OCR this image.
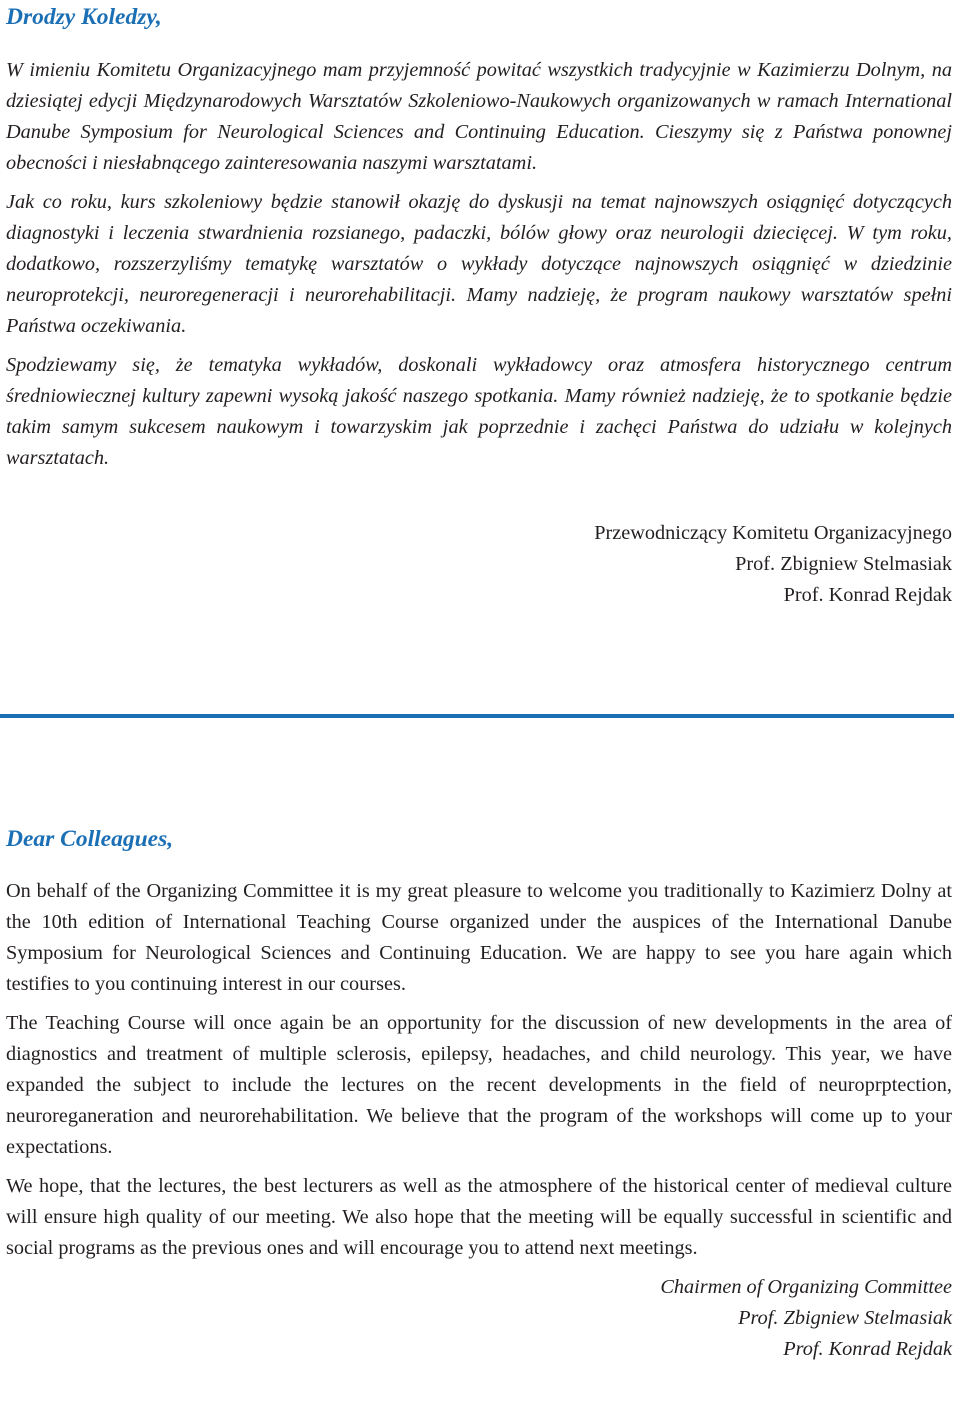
Drodzy Koledzy,

W imieniu Komitetu Organizacyjnego mam przyjemność powitać wszystkich tradycyjnie w Kazimierzu Dolnym, na dziesiątej edycji Międzynarodowych Warsztatów Szkoleniowo-Naukowych organizowanych w ramach International Danube Symposium for Neurological Sciences and Continuing Education. Cieszymy się z Państwa ponownej obecności i niesłabnącego zainteresowania naszymi warsztatami.

Jak co roku, kurs szkoleniowy będzie stanowił okazję do dyskusji na temat najnowszych osiągnięć dotyczących diagnostyki i leczenia stwardnienia rozsianego, padaczki, bólów głowy oraz neurologii dziecięcej. W tym roku, dodatkowo, rozszerzyliśmy tematykę warsztatów o wykłady dotyczące najnowszych osiągnięć w dziedzinie neuroprotekcji, neuroregeneracji i neurorehabilitacji. Mamy nadzieję, że program naukowy warsztatów spełni Państwa oczekiwania.

Spodziewamy się, że tematyka wykładów, doskonali wykładowcy oraz atmosfera historycznego centrum średniowiecznej kultury zapewni wysoką jakość naszego spotkania. Mamy również nadzieję, że to spotkanie będzie takim samym sukcesem naukowym i towarzyskim jak poprzednie i zachęci Państwa do udziału w kolejnych warsztatach.

Przewodniczący Komitetu Organizacyjnego

Prof. Zbigniew Stelmasiak

Prof. Konrad Rejdak

Dear Colleagues,

On behalf of the Organizing Committee it is my great pleasure to welcome you traditionally to Kazimierz Dolny at the 10th edition of International Teaching Course organized under the auspices of the International Danube Symposium for Neurological Sciences and Continuing Education. We are happy to see you hare again which testifies to you continuing interest in our courses.

The Teaching Course will once again be an opportunity for the discussion of new developments in the area of diagnostics and treatment of multiple sclerosis, epilepsy, headaches, and child neurology. This year, we have expanded the subject to include the lectures on the recent developments in the field of neuroprptection, neuroreganeration and neurorehabilitation. We believe that the program of the workshops will come up to your expectations.

We hope, that the lectures, the best lecturers as well as the atmosphere of the historical center of medieval culture will ensure high quality of our meeting. We also hope that the meeting will be equally successful in scientific and social programs as the previous ones and will encourage you to attend next meetings.

Chairmen of Organizing Committee

Prof. Zbigniew Stelmasiak

Prof. Konrad Rejdak
